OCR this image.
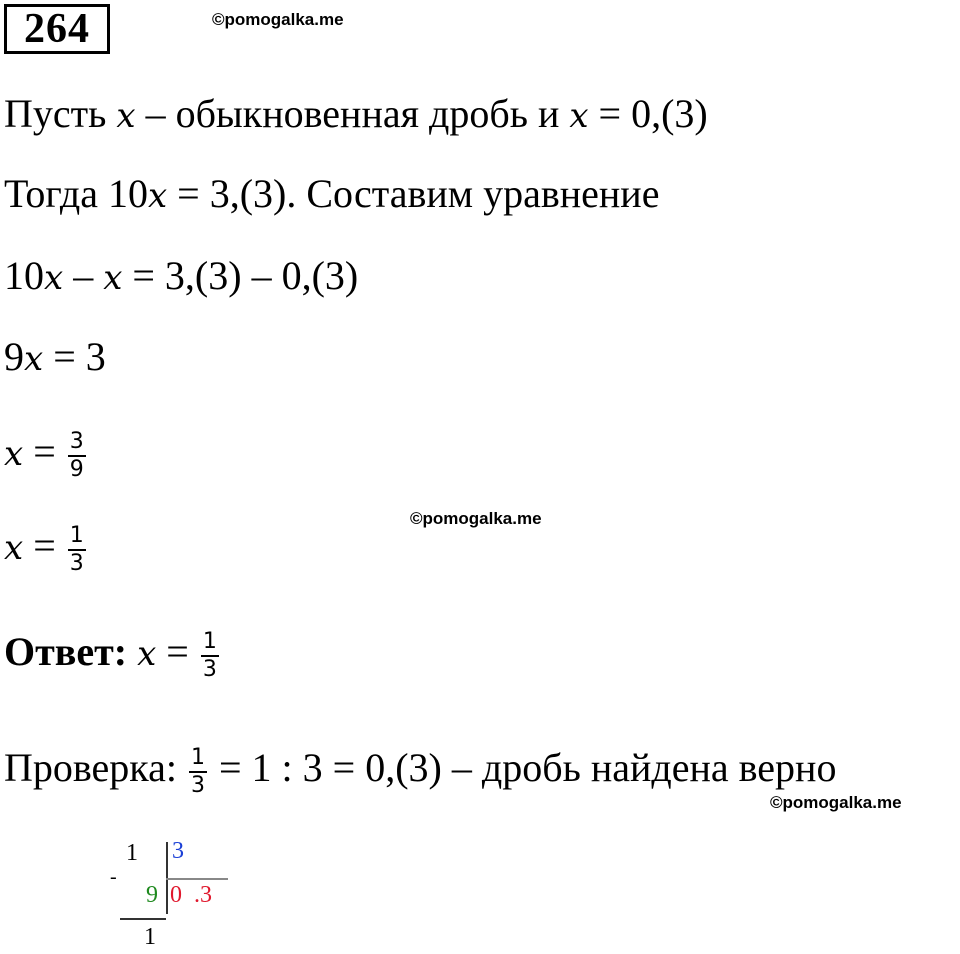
264	©pomogalka.me
©pomogalka.me
©pomogalka.me
Пусть x – обыкновенная дробь и x = 0,(3)
Тогда 10x = 3,(3). Составим уравнение
10x – x = 3,(3) – 0,(3)
9x = 3
$x = \frac{3}{9}$
$x = \frac{1}{3}$
Ответ: $x = \frac{1}{3}$
Проверка: $\frac{1}{3} = 1$ : 3 = 0,(3) – дробь найдена верно
1 3
-
9 0 .3
1
